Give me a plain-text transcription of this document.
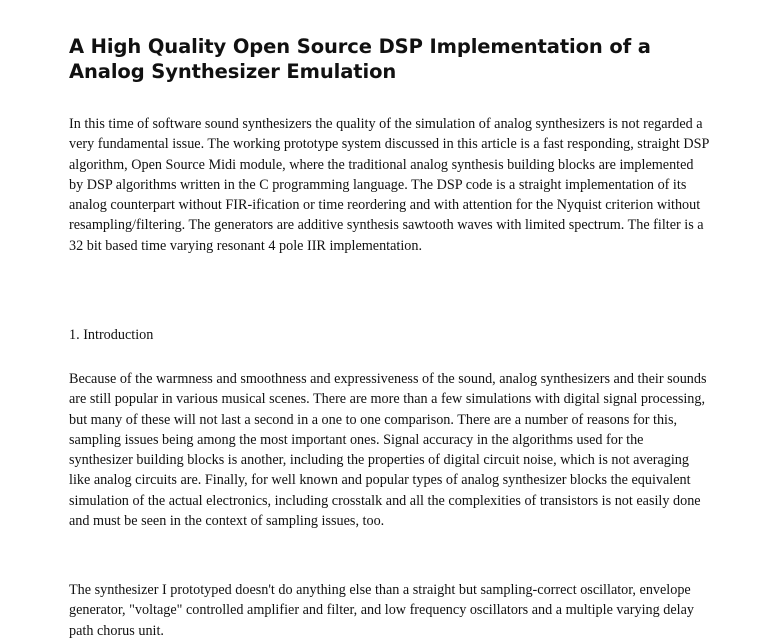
A High Quality Open Source DSP Implementation of a Analog Synthesizer Emulation

In this time of software sound synthesizers the quality of the simulation of analog synthesizers is not regarded a very fundamental issue. The working prototype system discussed in this article is a fast responding, straight DSP algorithm, Open Source Midi module, where the traditional analog synthesis building blocks are implemented by DSP algorithms written in the C programming language. The DSP code is a straight implementation of its analog counterpart without FIR-ification or time reordering and with attention for the Nyquist criterion without resampling/filtering. The generators are additive synthesis sawtooth waves with limited spectrum. The filter is a 32 bit based time varying resonant 4 pole IIR implementation.

1. Introduction

Because of the warmness and smoothness and expressiveness of the sound, analog synthesizers and their sounds are still popular in various musical scenes. There are more than a few simulations with digital signal processing, but many of these will not last a second in a one to one comparison. There are a number of reasons for this, sampling issues being among the most important ones. Signal accuracy in the algorithms used for the synthesizer building blocks is another, including the properties of digital circuit noise, which is not averaging like analog circuits are. Finally, for well known and popular types of analog synthesizer blocks the equivalent simulation of the actual electronics, including crosstalk and all the complexities of transistors is not easily done and must be seen in the context of sampling issues, too.

The synthesizer I prototyped doesn't do anything else than a straight but sampling-correct oscillator, envelope generator, "voltage" controlled amplifier and filter, and low frequency oscillators and a multiple varying delay path chorus unit.
